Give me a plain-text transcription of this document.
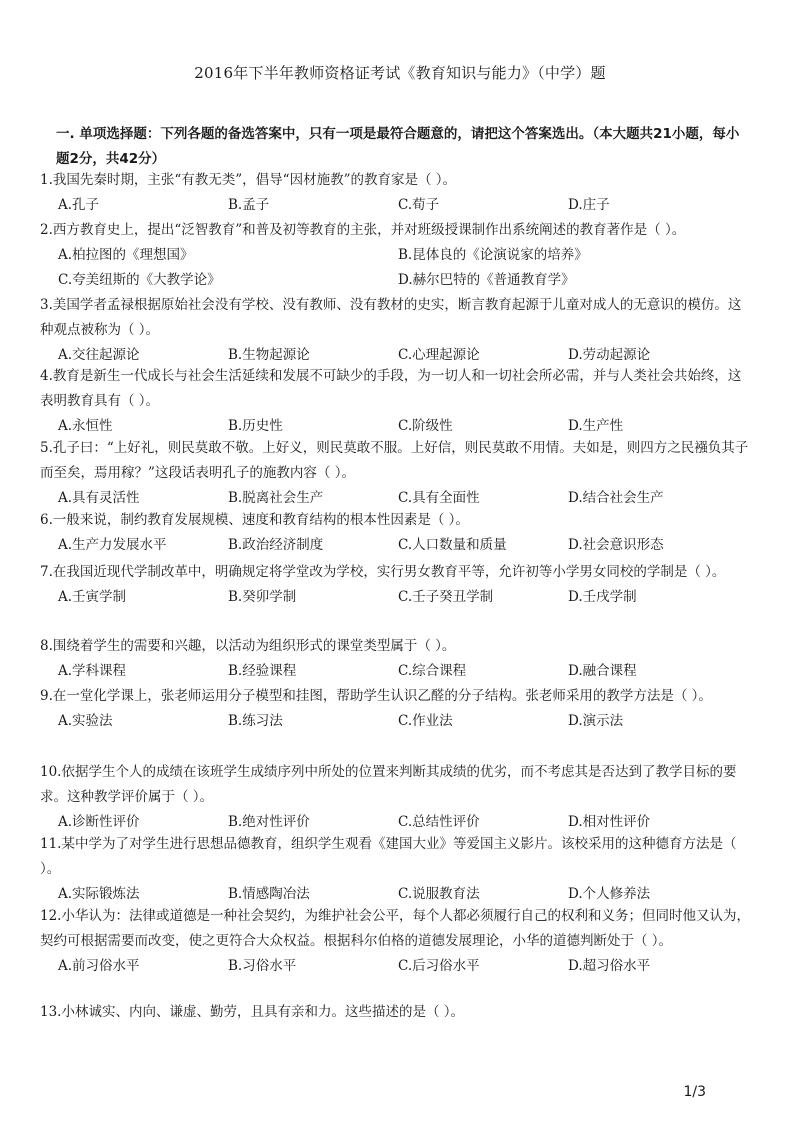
2016年下半年教师资格证考试《教育知识与能力》（中学）题
一. 单项选择题：下列各题的备选答案中，只有一项是最符合题意的，请把这个答案选出。（本大题共21小题，每小题2分，共42分）
1.我国先秦时期，主张“有教无类”，倡导“因材施教”的教育家是（ ）。
A.孔子	B.孟子	C.荀子	D.庄子
2.西方教育史上，提出“泛智教育”和普及初等教育的主张，并对班级授课制作出系统阐述的教育著作是（ ）。
A.柏拉图的《理想国》	B.昆体良的《论演说家的培养》
C.夸美纽斯的《大教学论》	D.赫尔巴特的《普通教育学》
3.美国学者孟禄根据原始社会没有学校、没有教师、没有教材的史实，断言教育起源于儿童对成人的无意识的模仿。这种观点被称为（ ）。
A.交往起源论	B.生物起源论	C.心理起源论	D.劳动起源论
4.教育是新生一代成长与社会生活延续和发展不可缺少的手段，为一切人和一切社会所必需，并与人类社会共始终，这表明教育具有（ ）。
A.永恒性	B.历史性	C.阶级性	D.生产性
5.孔子曰：“上好礼，则民莫敢不敬。上好义，则民莫敢不服。上好信，则民莫敢不用情。夫如是，则四方之民襁负其子而至矣，焉用稼？”这段话表明孔子的施教内容（ ）。
A.具有灵活性	B.脱离社会生产	C.具有全面性	D.结合社会生产
6.一般来说，制约教育发展规模、速度和教育结构的根本性因素是（ ）。
A.生产力发展水平	B.政治经济制度	C.人口数量和质量	D.社会意识形态
7.在我国近现代学制改革中，明确规定将学堂改为学校，实行男女教育平等，允许初等小学男女同校的学制是（ ）。
A.壬寅学制	B.癸卯学制	C.壬子癸丑学制	D.壬戌学制
8.围绕着学生的需要和兴趣，以活动为组织形式的课堂类型属于（ ）。
A.学科课程	B.经验课程	C.综合课程	D.融合课程
9.在一堂化学课上，张老师运用分子模型和挂图，帮助学生认识乙醛的分子结构。张老师采用的教学方法是（ ）。
A.实验法	B.练习法	C.作业法	D.演示法
10.依据学生个人的成绩在该班学生成绩序列中所处的位置来判断其成绩的优劣，而不考虑其是否达到了教学目标的要求。这种教学评价属于（ ）。
A.诊断性评价	B.绝对性评价	C.总结性评价	D.相对性评价
11.某中学为了对学生进行思想品德教育，组织学生观看《建国大业》等爱国主义影片。该校采用的这种德育方法是（ ）。
A.实际锻炼法	B.情感陶冶法	C.说服教育法	D.个人修养法
12.小华认为：法律或道德是一种社会契约，为维护社会公平，每个人都必须履行自己的权利和义务；但同时他又认为，契约可根据需要而改变，使之更符合大众权益。根据科尔伯格的道德发展理论，小华的道德判断处于（ ）。
A.前习俗水平	B.习俗水平	C.后习俗水平	D.超习俗水平
13.小林诚实、内向、谦虚、勤劳，且具有亲和力。这些描述的是（ ）。
1/3
